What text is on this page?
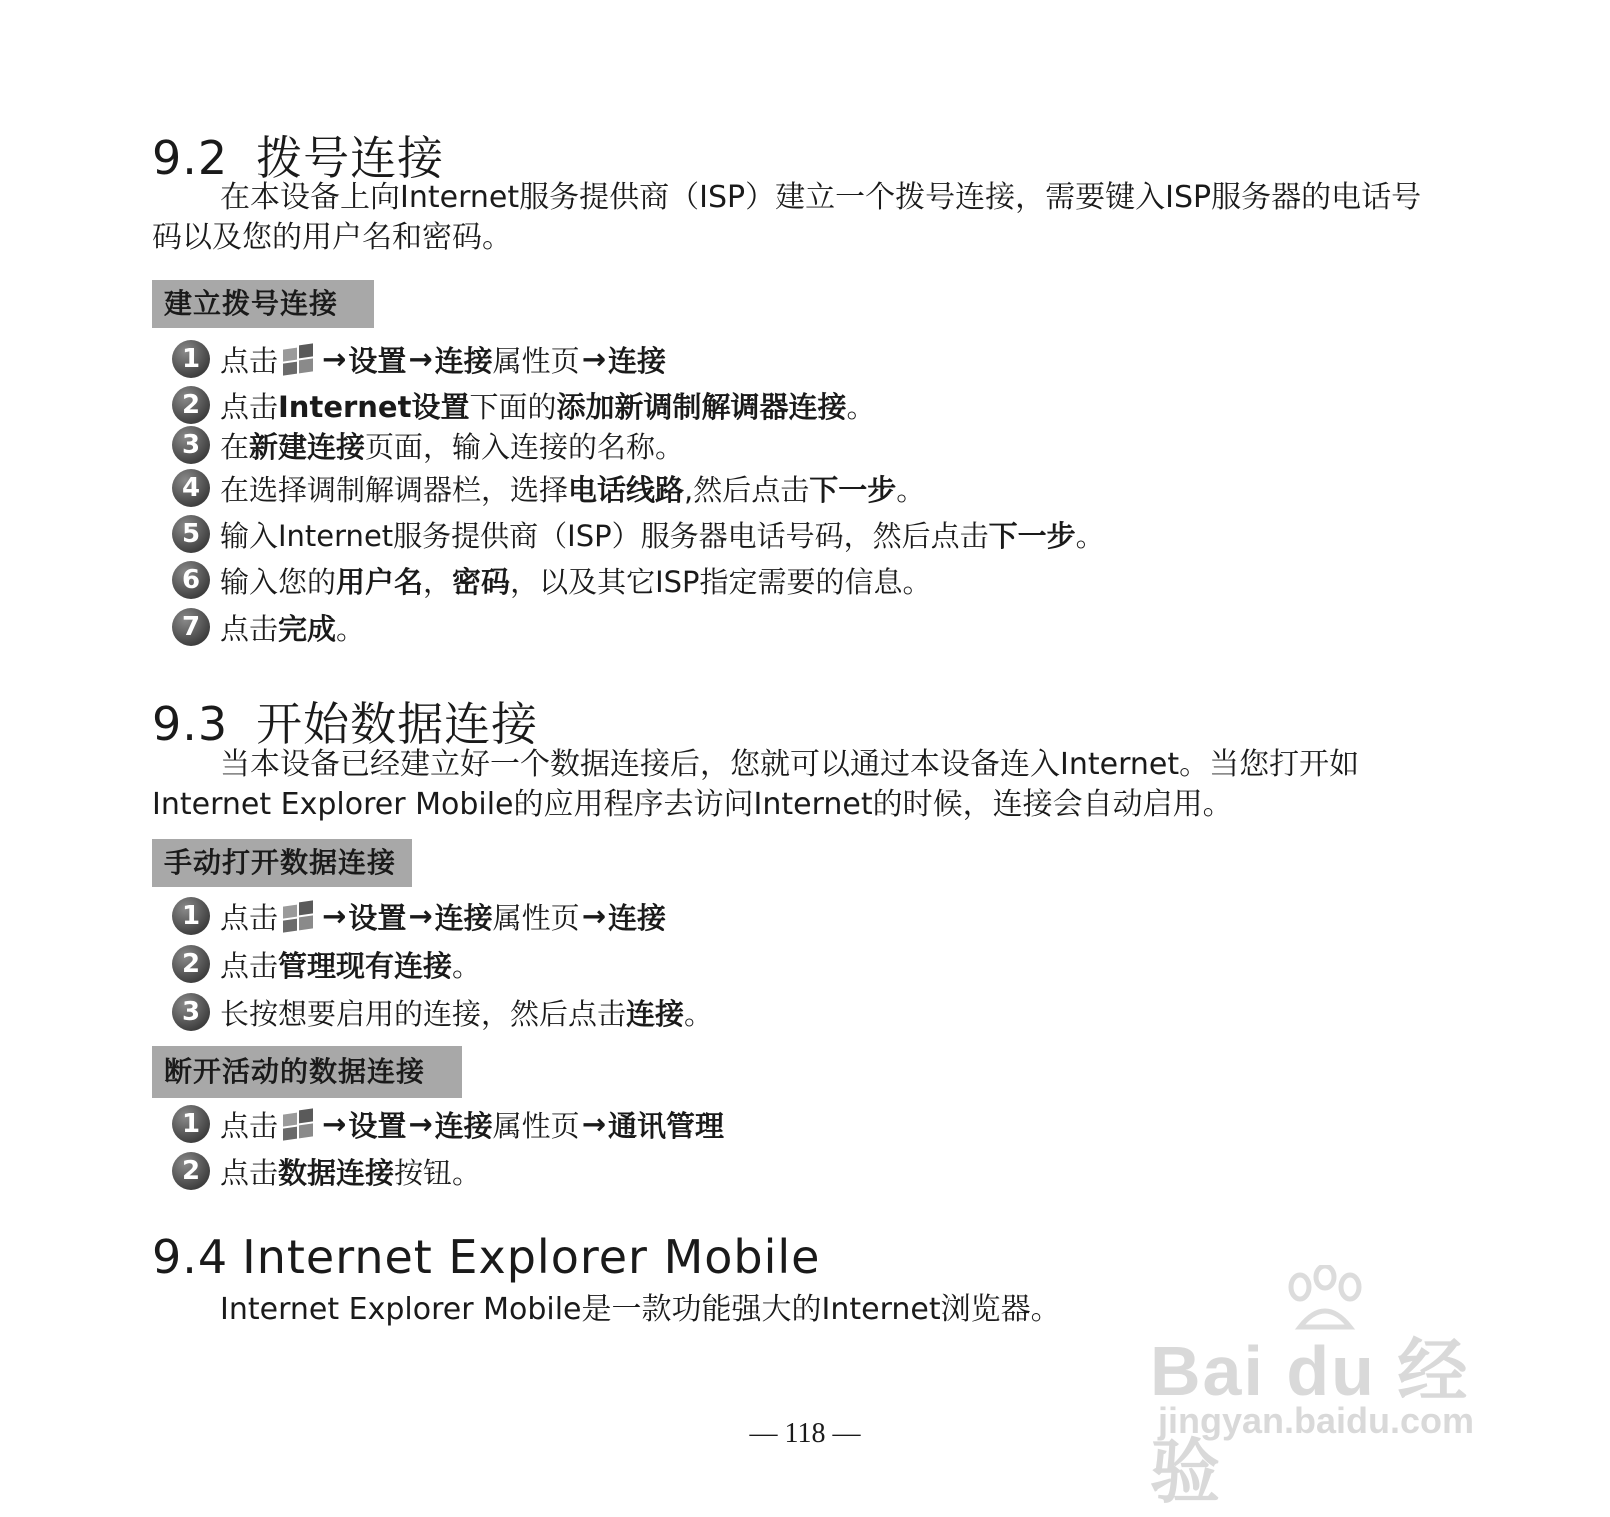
9.2 拨号连接

在本设备上向Internet服务提供商（ISP）建立一个拨号连接，需要键入ISP服务器的电话号码以及您的用户名和密码。

建立拨号连接
1 点击 → 设置 → 连接 属性页 → 连接
2 点击 Internet设置 下面的 添加新调制解调器连接 。
3 在 新建连接 页面，输入连接的名称。
4 在选择调制解调器栏，选择 电话线路 ,然后点击 下一步 。
5 输入Internet服务提供商（ISP）服务器电话号码，然后点击 下一步 。
6 输入您的 用户名 ， 密码 ，以及其它ISP指定需要的信息。
7 点击 完成 。
9.3 开始数据连接

当本设备已经建立好一个数据连接后，您就可以通过本设备连入Internet。当您打开如Internet Explorer Mobile的应用程序去访问Internet的时候，连接会自动启用。

手动打开数据连接
1 点击 → 设置 → 连接 属性页 → 连接
2 点击 管理现有连接 。
3 长按想要启用的连接，然后点击 连接 。
断开活动的数据连接
1 点击 → 设置 → 连接 属性页 → 通讯管理
2 点击 数据连接 按钮。
9.4 Internet Explorer Mobile

Internet Explorer Mobile是一款功能强大的Internet浏览器。

Bai du 经验
jingyan.baidu.com
— 118 —
